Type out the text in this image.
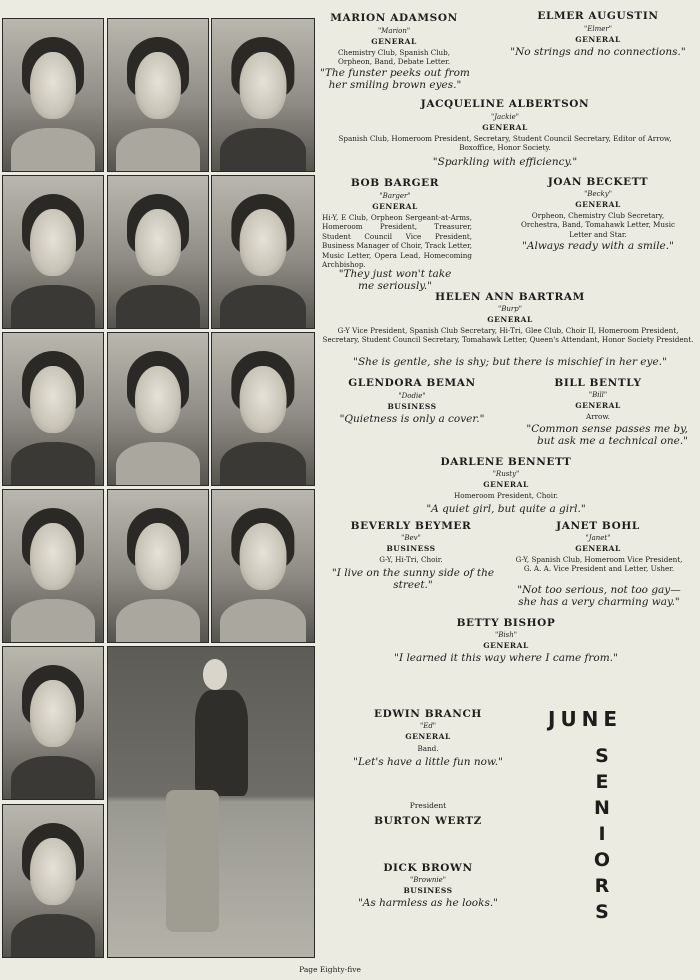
MARION ADAMSON
"Marion"
GENERAL
Chemistry Club, Spanish Club, Orpheon, Band, Debate Letter.
"The funster peeks out from her smiling brown eyes."
ELMER AUGUSTIN
"Elmer"
GENERAL
"No strings and no connections."
JACQUELINE ALBERTSON
"Jackie"
GENERAL
Spanish Club, Homeroom President, Secretary, Student Council Secretary, Editor of Arrow, Boxoffice, Honor Society.
"Sparkling with efficiency."
BOB BARGER
"Barger"
GENERAL
Hi-Y, E Club, Orpheon Sergeant-at-Arms, Homeroom President, Treasurer, Student Council Vice President, Business Manager of Choir, Track Letter, Music Letter, Opera Lead, Homecoming Archbishop.
"They just won't take me seriously."
JOAN BECKETT
"Becky"
GENERAL
Orpheon, Chemistry Club Secretary, Orchestra, Band, Tomahawk Letter, Music Letter and Star.
"Always ready with a smile."
HELEN ANN BARTRAM
"Burp"
GENERAL
G-Y Vice President, Spanish Club Secretary, Hi-Tri, Glee Club, Choir II, Homeroom President, Secretary, Student Council Secretary, Tomahawk Letter, Queen's Attendant, Honor Society President.
"She is gentle, she is shy; but there is mischief in her eye."
GLENDORA BEMAN
BUSINESS
"Dodie"
"Quietness is only a cover."
BILL BENTLY
"Bill"
GENERAL
Arrow.
"Common sense passes me by, but ask me a technical one."
DARLENE BENNETT
"Rusty"
GENERAL
Homeroom President, Choir.
"A quiet girl, but quite a girl."
BEVERLY BEYMER
"Bev"
BUSINESS
G-Y, Hi-Tri, Choir.
"I live on the sunny side of the street."
JANET BOHL
"Janet"
GENERAL
G-Y, Spanish Club, Homeroom Vice President, G. A. A. Vice President and Letter, Usher.
"Not too serious, not too gay— she has a very charming way."
BETTY BISHOP
"Bish"
GENERAL
"I learned it this way where I came from."
EDWIN BRANCH
"Ed"
GENERAL
Band.
"Let's have a little fun now."
President
BURTON WERTZ
DICK BROWN
"Brownie"
BUSINESS
"As harmless as he looks."
JUNE
S
E
N
I
O
R
S
Page Eighty-five
